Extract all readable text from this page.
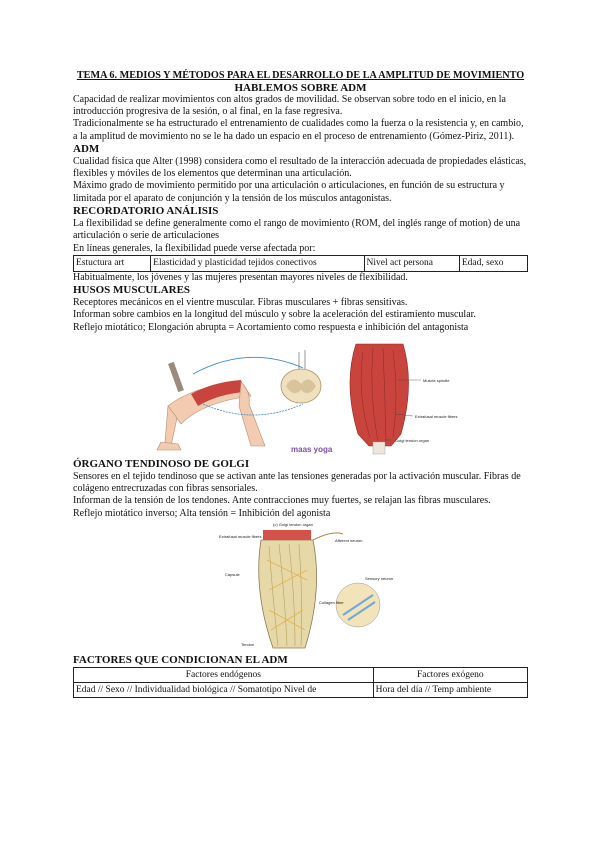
TEMA 6. MEDIOS Y MÉTODOS PARA EL DESARROLLO DE LA AMPLITUD DE MOVIMIENTO
HABLEMOS SOBRE ADM

Capacidad de realizar movimientos con altos grados de movilidad. Se observan sobre todo en el inicio, en la introducción progresiva de la sesión, o al final, en la fase regresiva.

Tradicionalmente se ha estructurado el entrenamiento de cualidades como la fuerza o la resistencia y, en cambio, a la amplitud de movimiento no se le ha dado un espacio en el proceso de entrenamiento (Gómez-Piriz, 2011).

ADM

Cualidad física que Alter (1998) considera como el resultado de la interacción adecuada de propiedades elásticas, flexibles y móviles de los elementos que determinan una articulación.

Máximo grado de movimiento permitido por una articulación o articulaciones, en función de su estructura y limitada por el aparato de conjunción y la tensión de los músculos antagonistas.

RECORDATORIO ANÁLISIS

La flexibilidad se define generalmente como el rango de movimiento (ROM, del inglés range of motion) de una articulación o serie de articulaciones

En líneas generales, la flexibilidad puede verse afectada por:

Estuctura art	Elasticidad y plasticidad tejidos conectivos	Nivel act persona	Edad, sexo

Habitualmente, los jóvenes y las mujeres presentan mayores niveles de flexibilidad.

HUSOS MUSCULARES

Receptores mecánicos en el vientre muscular. Fibras musculares + fibras sensitivas.

Informan sobre cambios en la longitud del músculo y sobre la aceleración del estiramiento muscular.

Reflejo miotático; Elongación abrupta = Acortamiento como respuesta e inhibición del antagonista

Muscle spindle
Extrafusal muscle fibers
Golgi tendon organ
maas yoga
ÓRGANO TENDINOSO DE GOLGI

Sensores en el tejido tendinoso que se activan ante las tensiones generadas por la activación muscular. Fibras de colágeno entrecruzadas con fibras sensoriales.

Informan de la tensión de los tendones. Ante contracciones muy fuertes, se relajan las fibras musculares.

Reflejo miotático inverso; Alta tensión = Inhibición del agonista

(c) Golgi tendon organ
Extrafusal muscle fibers
Afferent neuron
Capsule
Sensory neuron
Collagen fiber
Tendon
FACTORES QUE CONDICIONAN EL ADM
Factores endógenos	Factores exógeno
Edad // Sexo // Individualidad biológica // Somatotipo Nivel de	Hora del día // Temp ambiente
